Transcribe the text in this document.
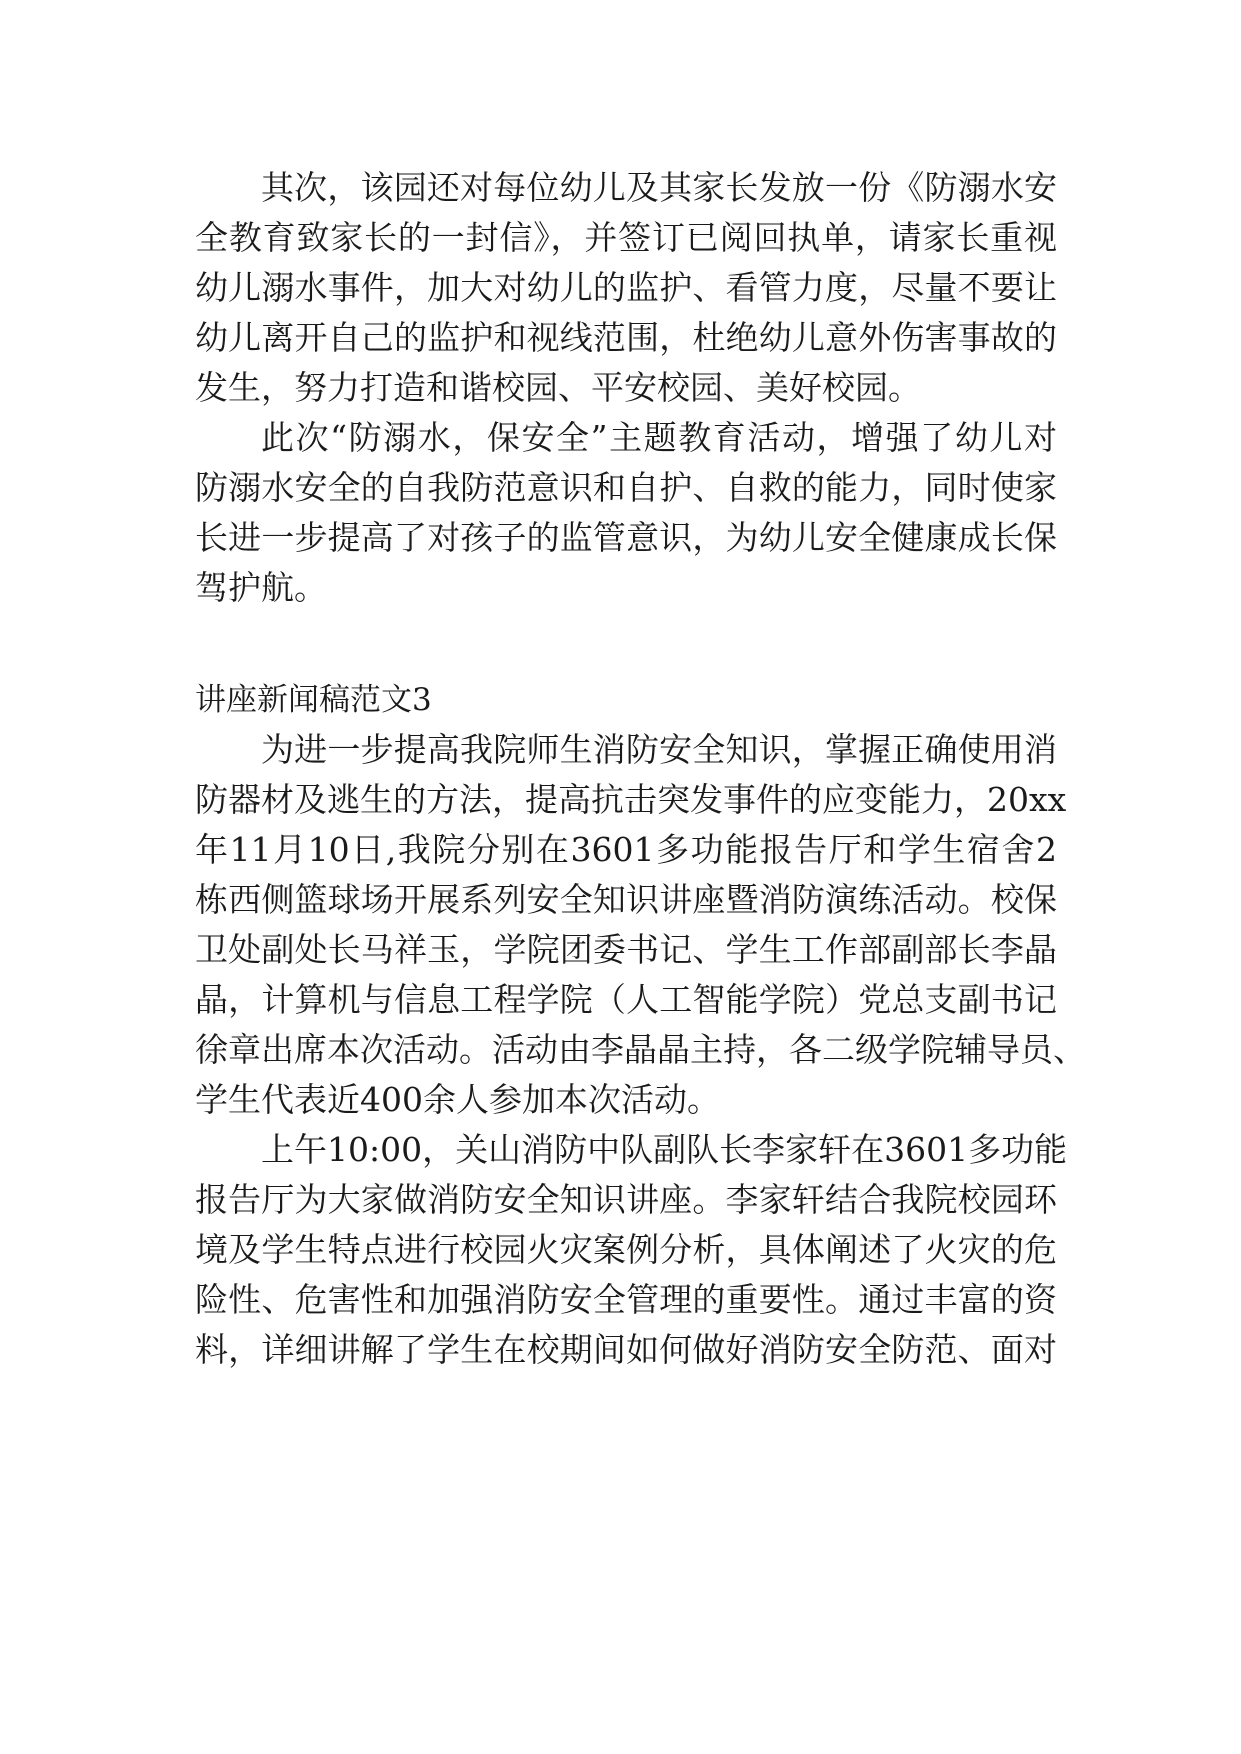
其次，该园还对每位幼儿及其家长发放一份《防溺水安
全教育致家长的一封信》，并签订已阅回执单，请家长重视
幼儿溺水事件，加大对幼儿的监护、看管力度，尽量不要让
幼儿离开自己的监护和视线范围，杜绝幼儿意外伤害事故的
发生，努力打造和谐校园、平安校园、美好校园。
此次“防溺水，保安全”主题教育活动，增强了幼儿对
防溺水安全的自我防范意识和自护、自救的能力，同时使家
长进一步提高了对孩子的监管意识，为幼儿安全健康成长保
驾护航。
讲座新闻稿范文3
为进一步提高我院师生消防安全知识，掌握正确使用消
防器材及逃生的方法，提高抗击突发事件的应变能力，20xx
年11月10日,我院分别在3601多功能报告厅和学生宿舍2
栋西侧篮球场开展系列安全知识讲座暨消防演练活动。校保
卫处副处长马祥玉，学院团委书记、学生工作部副部长李晶
晶，计算机与信息工程学院（人工智能学院）党总支副书记
徐章出席本次活动。活动由李晶晶主持，各二级学院辅导员、
学生代表近400余人参加本次活动。
上午10:00，关山消防中队副队长李家轩在3601多功能
报告厅为大家做消防安全知识讲座。李家轩结合我院校园环
境及学生特点进行校园火灾案例分析，具体阐述了火灾的危
险性、危害性和加强消防安全管理的重要性。通过丰富的资
料，详细讲解了学生在校期间如何做好消防安全防范、面对
